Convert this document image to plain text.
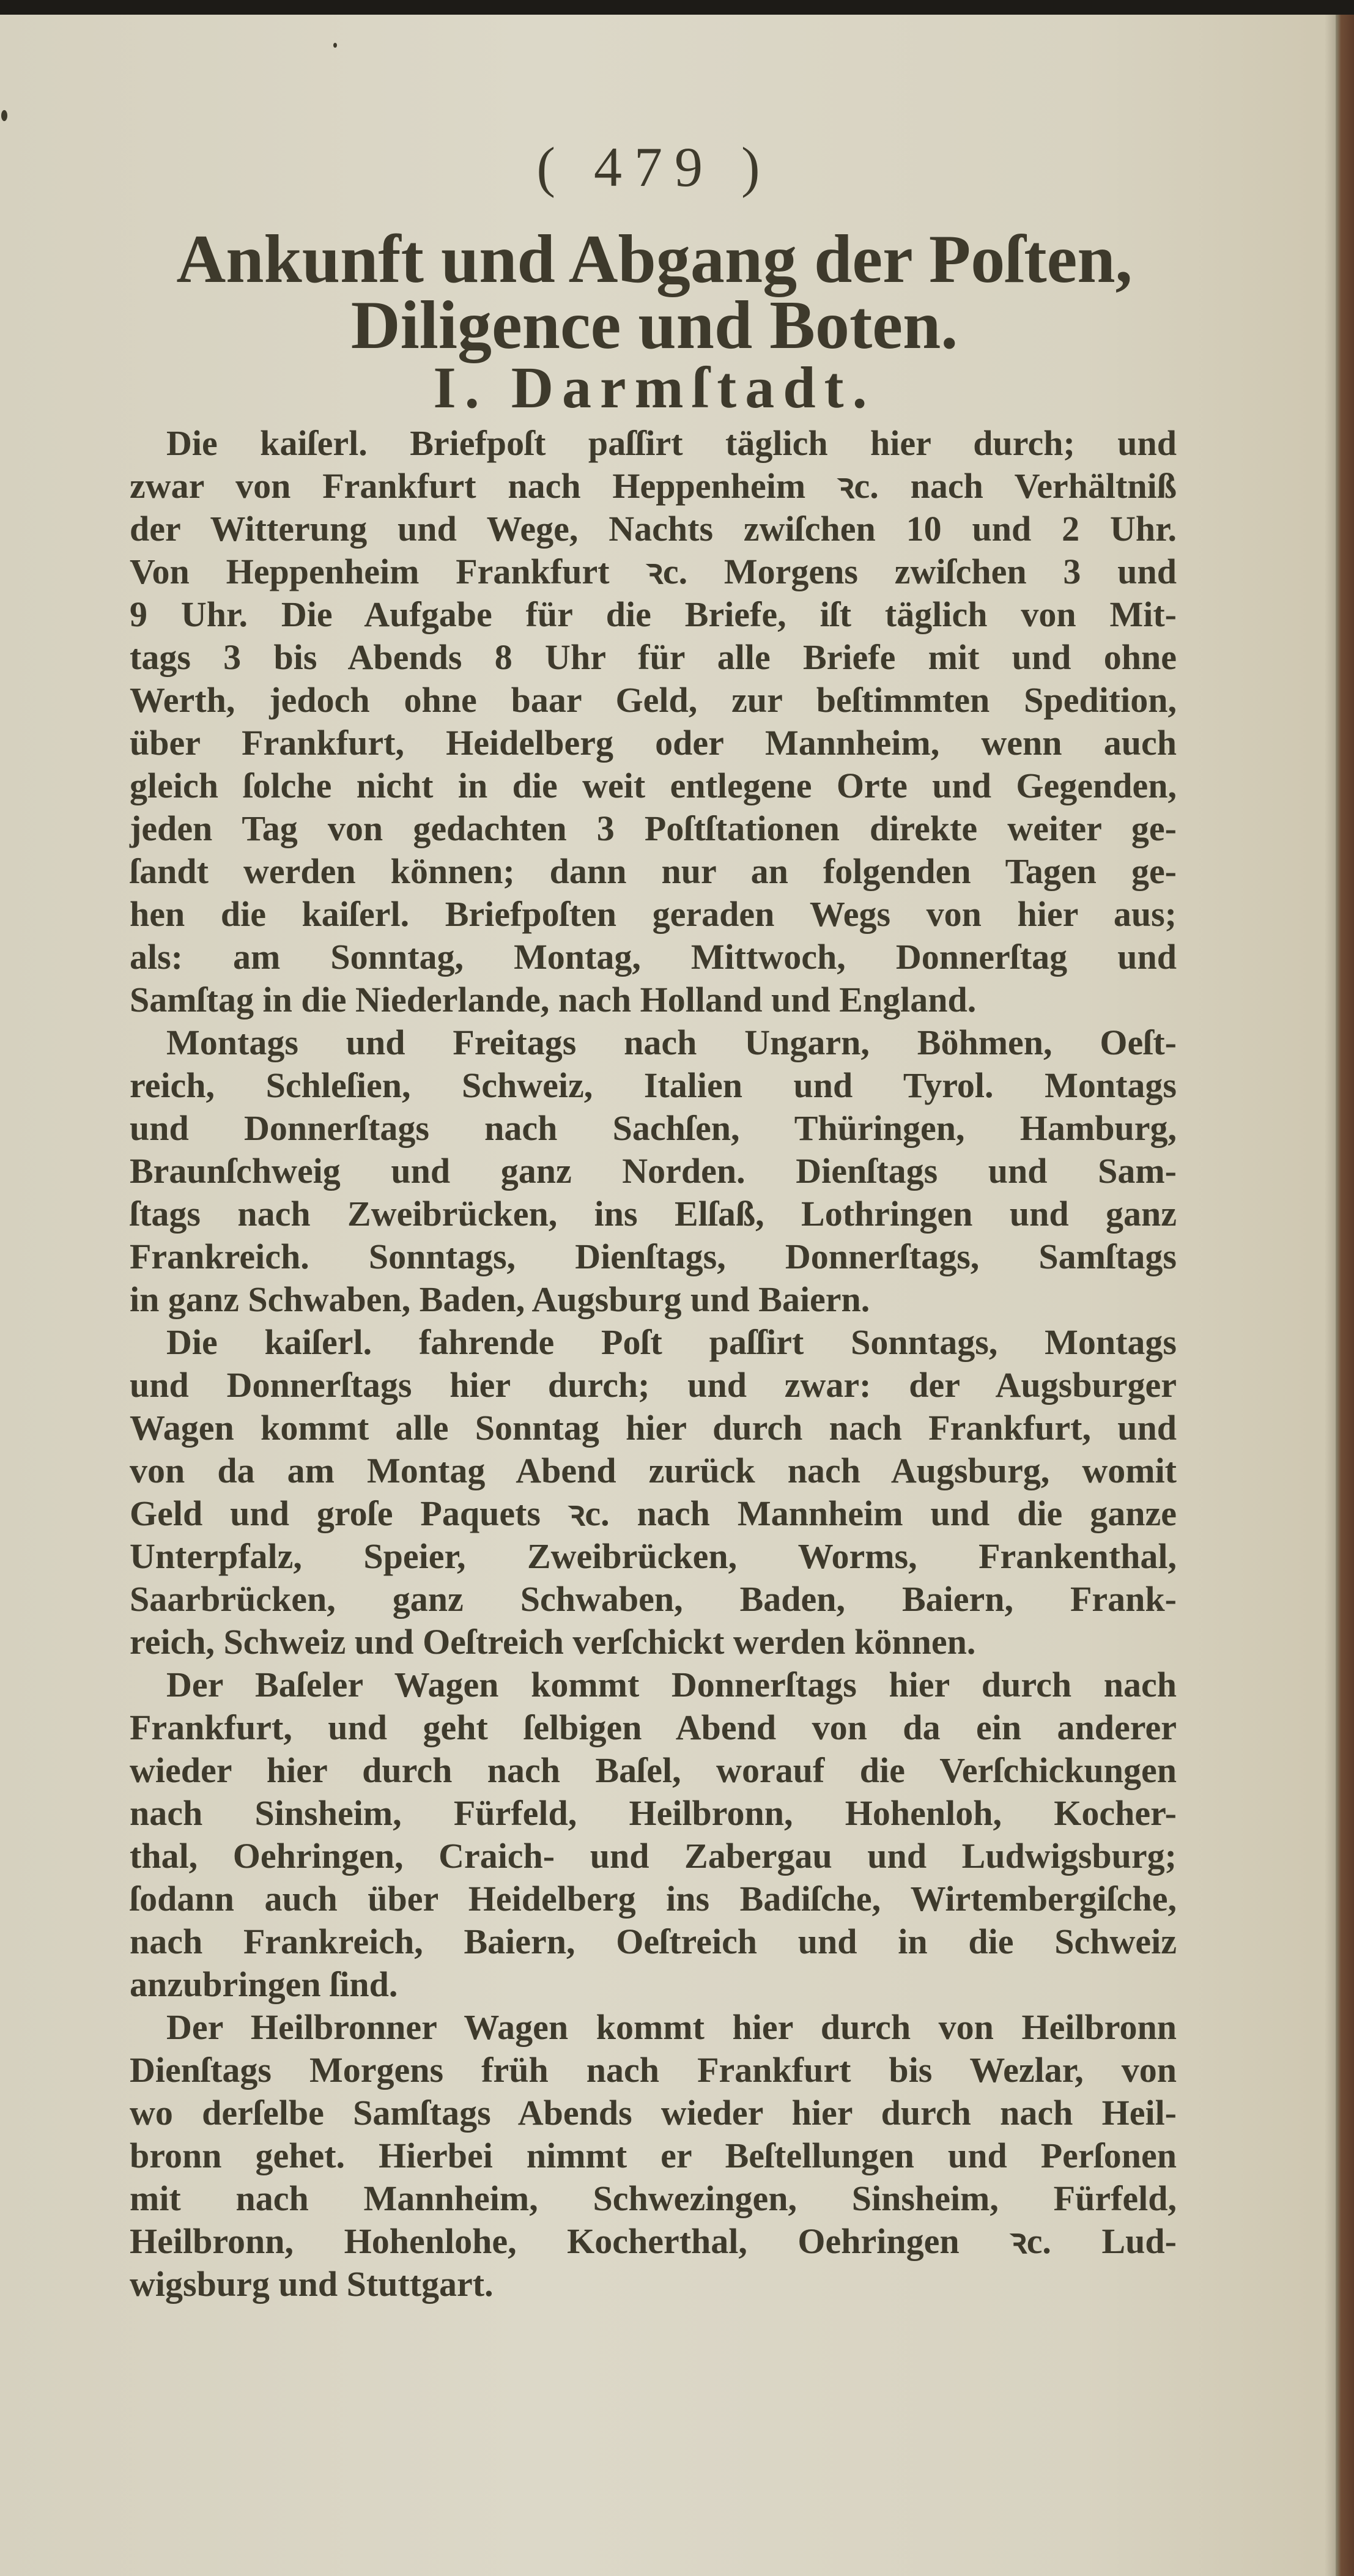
( 479 )
Ankunft und Abgang der Poſten,
Diligence und Boten.
I. Darmſtadt.
Die kaiſerl. Briefpoſt paſſirt täglich hier durch; und
zwar von Frankfurt nach Heppenheim ꝛc. nach Verhältniß
der Witterung und Wege, Nachts zwiſchen 10 und 2 Uhr.
Von Heppenheim Frankfurt ꝛc. Morgens zwiſchen 3 und
9 Uhr. Die Aufgabe für die Briefe, iſt täglich von Mit-
tags 3 bis Abends 8 Uhr für alle Briefe mit und ohne
Werth, jedoch ohne baar Geld, zur beſtimmten Spedition,
über Frankfurt, Heidelberg oder Mannheim, wenn auch
gleich ſolche nicht in die weit entlegene Orte und Gegenden,
jeden Tag von gedachten 3 Poſtſtationen direkte weiter ge-
ſandt werden können; dann nur an folgenden Tagen ge-
hen die kaiſerl. Briefpoſten geraden Wegs von hier aus;
als: am Sonntag, Montag, Mittwoch, Donnerſtag und
Samſtag in die Niederlande, nach Holland und England.
Montags und Freitags nach Ungarn, Böhmen, Oeſt-
reich, Schleſien, Schweiz, Italien und Tyrol. Montags
und Donnerſtags nach Sachſen, Thüringen, Hamburg,
Braunſchweig und ganz Norden. Dienſtags und Sam-
ſtags nach Zweibrücken, ins Elſaß, Lothringen und ganz
Frankreich. Sonntags, Dienſtags, Donnerſtags, Samſtags
in ganz Schwaben, Baden, Augsburg und Baiern.
Die kaiſerl. fahrende Poſt paſſirt Sonntags, Montags
und Donnerſtags hier durch; und zwar: der Augsburger
Wagen kommt alle Sonntag hier durch nach Frankfurt, und
von da am Montag Abend zurück nach Augsburg, womit
Geld und groſe Paquets ꝛc. nach Mannheim und die ganze
Unterpfalz, Speier, Zweibrücken, Worms, Frankenthal,
Saarbrücken, ganz Schwaben, Baden, Baiern, Frank-
reich, Schweiz und Oeſtreich verſchickt werden können.
Der Baſeler Wagen kommt Donnerſtags hier durch nach
Frankfurt, und geht ſelbigen Abend von da ein anderer
wieder hier durch nach Baſel, worauf die Verſchickungen
nach Sinsheim, Fürfeld, Heilbronn, Hohenloh, Kocher-
thal, Oehringen, Craich- und Zabergau und Ludwigsburg;
ſodann auch über Heidelberg ins Badiſche, Wirtembergiſche,
nach Frankreich, Baiern, Oeſtreich und in die Schweiz
anzubringen ſind.
Der Heilbronner Wagen kommt hier durch von Heilbronn
Dienſtags Morgens früh nach Frankfurt bis Wezlar, von
wo derſelbe Samſtags Abends wieder hier durch nach Heil-
bronn gehet. Hierbei nimmt er Beſtellungen und Perſonen
mit nach Mannheim, Schwezingen, Sinsheim, Fürfeld,
Heilbronn, Hohenlohe, Kocherthal, Oehringen ꝛc. Lud-
wigsburg und Stuttgart.
